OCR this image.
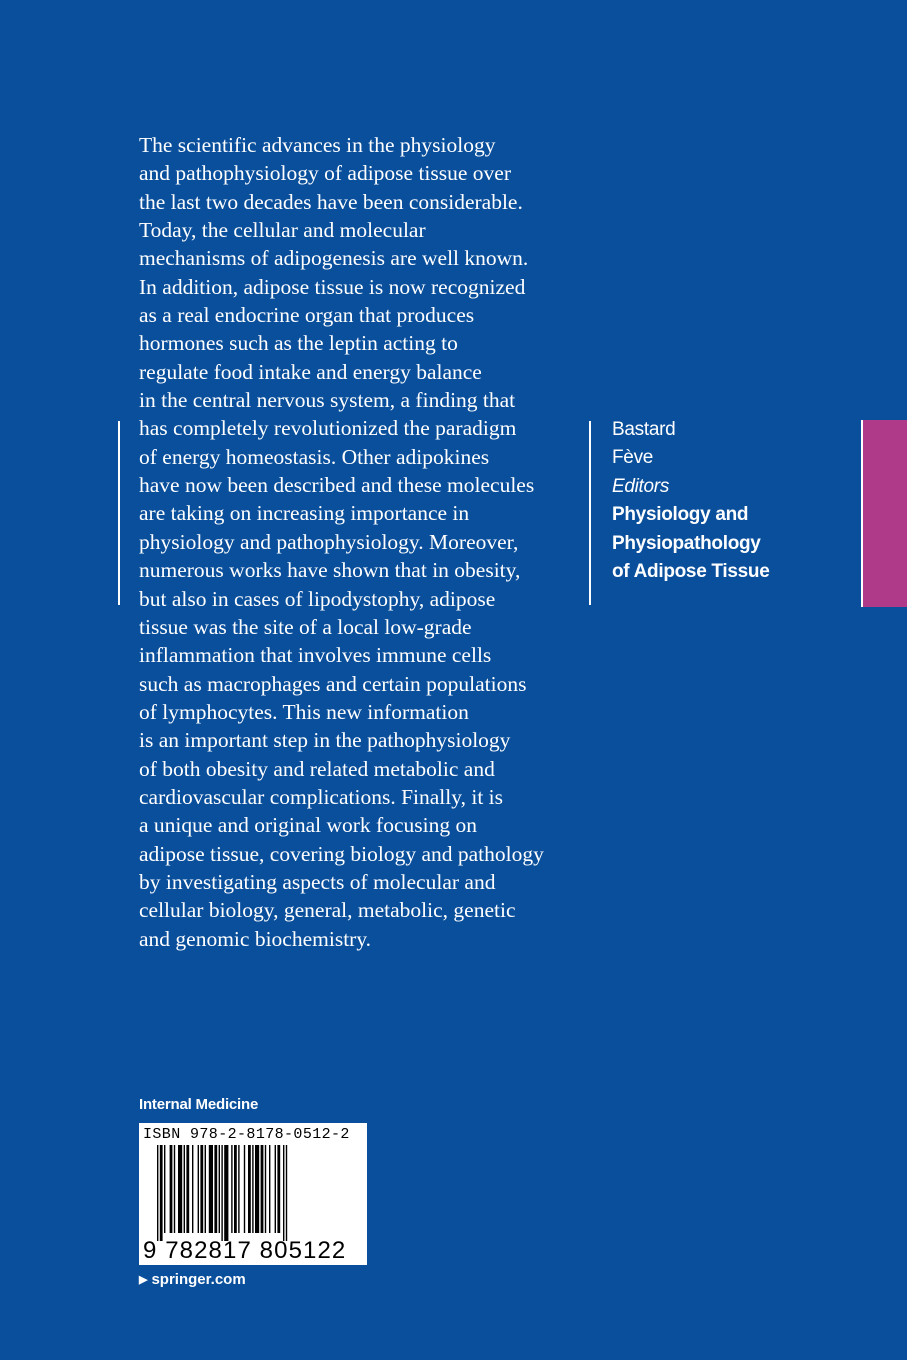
The scientific advances in the physiology
and pathophysiology of adipose tissue over
the last two decades have been considerable.
Today, the cellular and molecular
mechanisms of adipogenesis are well known.
In addition, adipose tissue is now recognized
as a real endocrine organ that produces
hormones such as the leptin acting to
regulate food intake and energy balance
in the central nervous system, a finding that
has completely revolutionized the paradigm
of energy homeostasis. Other adipokines
have now been described and these molecules
are taking on increasing importance in
physiology and pathophysiology. Moreover,
numerous works have shown that in obesity,
but also in cases of lipodystophy, adipose
tissue was the site of a local low-grade
inflammation that involves immune cells
such as macrophages and certain populations
of lymphocytes. This new information
is an important step in the pathophysiology
of both obesity and related metabolic and
cardiovascular complications. Finally, it is
a unique and original work focusing on
adipose tissue, covering biology and pathology
by investigating aspects of molecular and
cellular biology, general, metabolic, genetic
and genomic biochemistry.
Bastard
Fève
Editors
Physiology and
Physiopathology
of Adipose Tissue
Internal Medicine
ISBN 978-2-8178-0512-2
9 782817 805122
▶ springer.com
